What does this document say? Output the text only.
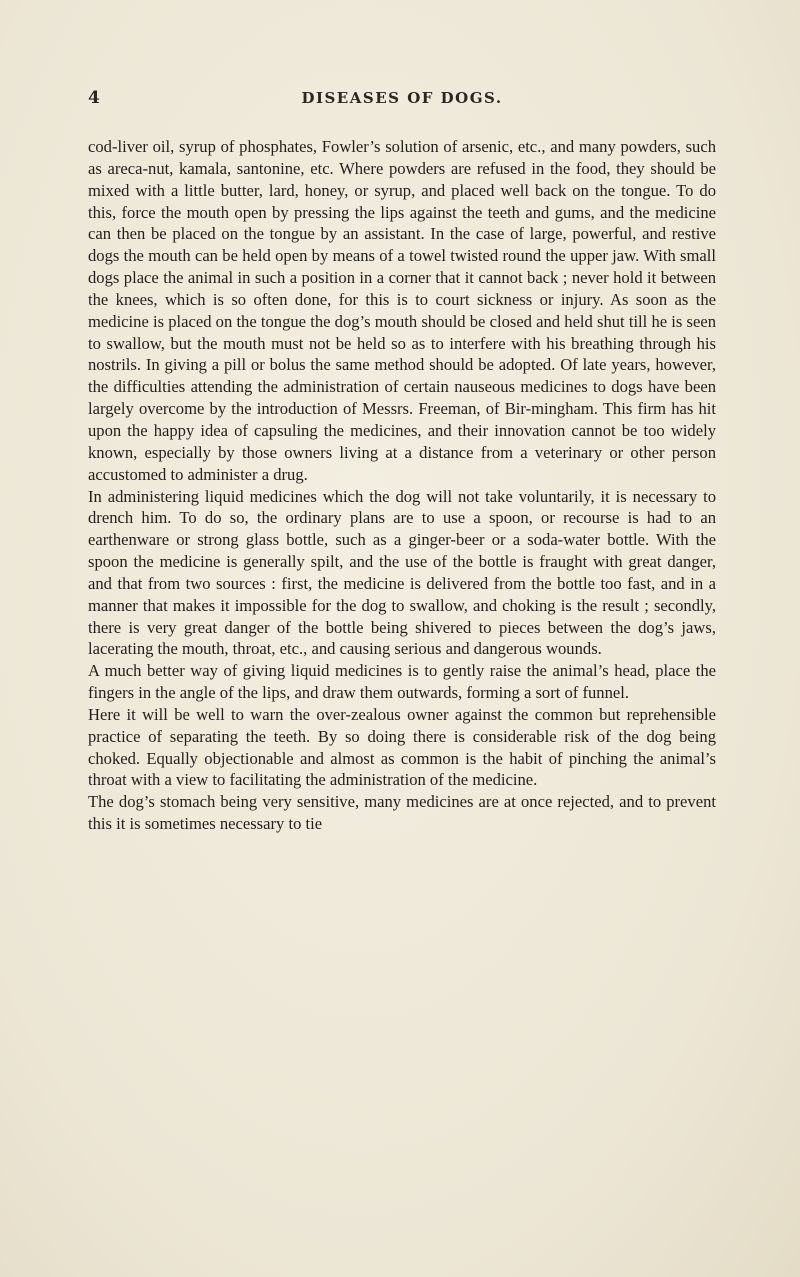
4	DISEASES OF DOGS.

cod-liver oil, syrup of phosphates, Fowler’s solution of arsenic, etc., and many powders, such as areca-nut, kamala, santonine, etc. Where powders are refused in the food, they should be mixed with a little butter, lard, honey, or syrup, and placed well back on the tongue. To do this, force the mouth open by pressing the lips against the teeth and gums, and the medicine can then be placed on the tongue by an assistant. In the case of large, powerful, and restive dogs the mouth can be held open by means of a towel twisted round the upper jaw. With small dogs place the animal in such a position in a corner that it cannot back ; never hold it between the knees, which is so often done, for this is to court sickness or injury. As soon as the medicine is placed on the tongue the dog’s mouth should be closed and held shut till he is seen to swallow, but the mouth must not be held so as to interfere with his breathing through his nostrils. In giving a pill or bolus the same method should be adopted. Of late years, however, the difficulties attending the administration of certain nauseous medicines to dogs have been largely overcome by the introduction of Messrs. Freeman, of Bir-mingham. This firm has hit upon the happy idea of capsuling the medicines, and their innovation cannot be too widely known, especially by those owners living at a distance from a veterinary or other person accustomed to administer a drug.

In administering liquid medicines which the dog will not take voluntarily, it is necessary to drench him. To do so, the ordinary plans are to use a spoon, or recourse is had to an earthenware or strong glass bottle, such as a ginger-beer or a soda-water bottle. With the spoon the medicine is generally spilt, and the use of the bottle is fraught with great danger, and that from two sources : first, the medicine is delivered from the bottle too fast, and in a manner that makes it impossible for the dog to swallow, and choking is the result ; secondly, there is very great danger of the bottle being shivered to pieces between the dog’s jaws, lacerating the mouth, throat, etc., and causing serious and dangerous wounds.

A much better way of giving liquid medicines is to gently raise the animal’s head, place the fingers in the angle of the lips, and draw them outwards, forming a sort of funnel.

Here it will be well to warn the over-zealous owner against the common but reprehensible practice of separating the teeth. By so doing there is considerable risk of the dog being choked. Equally objectionable and almost as common is the habit of pinching the animal’s throat with a view to facilitating the administration of the medicine.

The dog’s stomach being very sensitive, many medicines are at once rejected, and to prevent this it is sometimes necessary to tie
